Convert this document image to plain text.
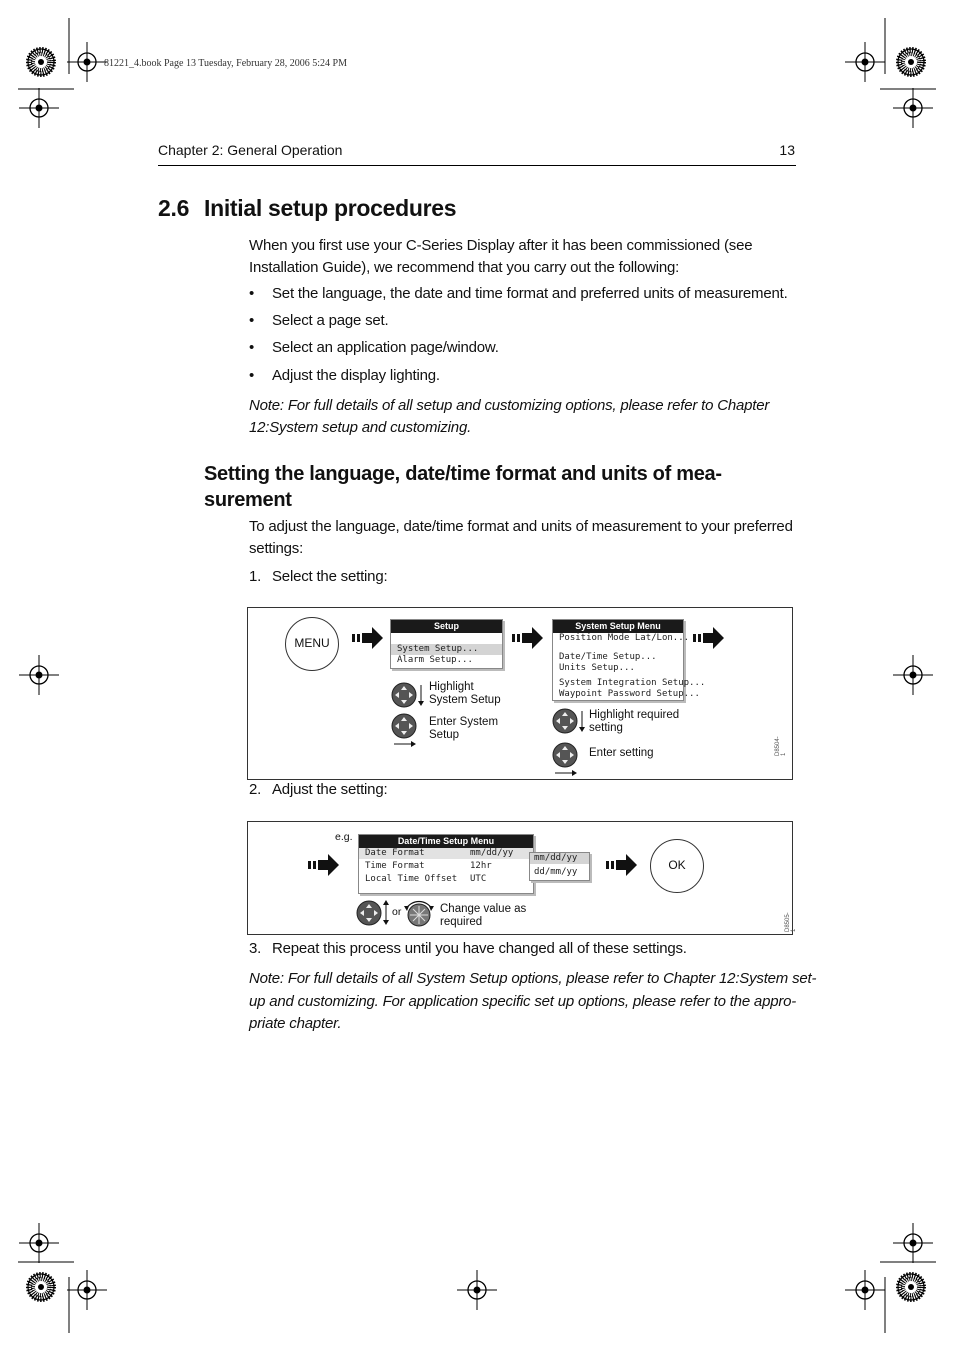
81221_4.book Page 13 Tuesday, February 28, 2006 5:24 PM
Chapter 2: General Operation	13
2.6 Initial setup procedures
When you first use your C-Series Display after it has been commissioned (see Installation Guide), we recommend that you carry out the following:
• Set the language, the date and time format and preferred units of measurement.
• Select a page set.
• Select an application page/window.
• Adjust the display lighting.
Note: For full details of all setup and customizing options, please refer to Chapter 12:System setup and customizing.
Setting the language, date/time format and units of mea-
surement
To adjust the language, date/time format and units of measurement to your preferred settings:
1. Select the setting:
MENU
Setup
System Setup...
Alarm Setup...
Highlight
System Setup
Enter System
Setup
System Setup Menu
Position Mode Lat/Lon...
Date/Time Setup...
Units Setup...
System Integration Setup...
Waypoint Password Setup...
Highlight required
setting
Enter setting	D8504-1
2. Adjust the setting:
e.g.	Date/Time Setup Menu
Date Format	mm/dd/yy
Time Format	12hr
Local Time Offset	UTC
mm/dd/yy
dd/mm/yy	OK
or	Change value as
required	D8505-1
3. Repeat this process until you have changed all of these settings.
Note: For full details of all System Setup options, please refer to Chapter 12:System set-
up and customizing. For application specific set up options, please refer to the appro-
priate chapter.
